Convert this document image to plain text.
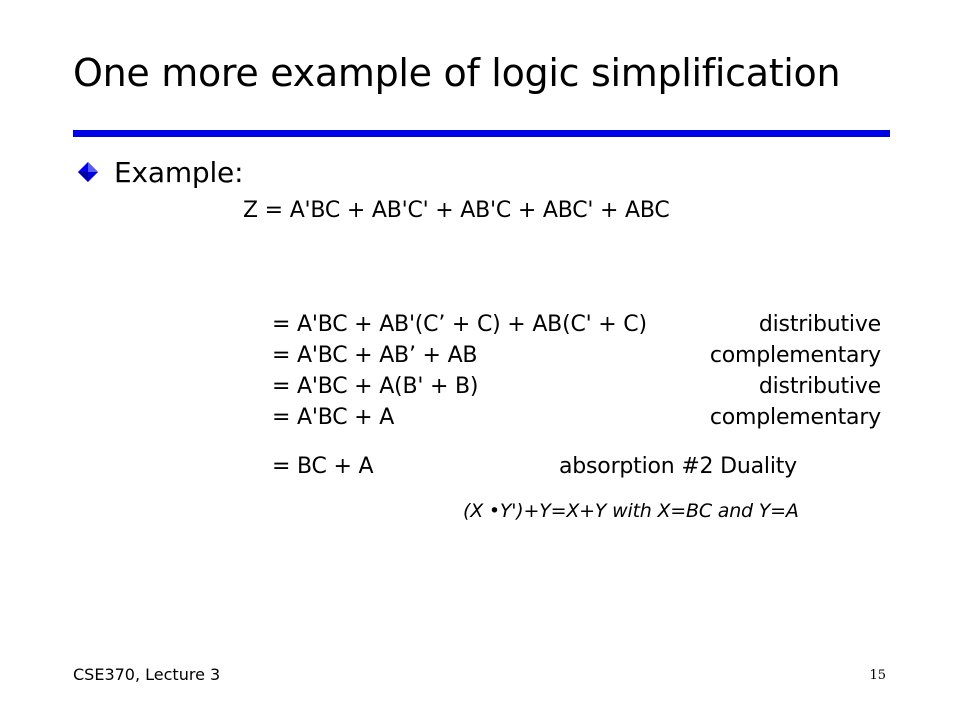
One more example of logic simplification
Example:
Z = A'BC + AB'C' + AB'C + ABC' + ABC
= A'BC + AB'(C’ + C) + AB(C' + C)	distributive
= A'BC + AB’ + AB	complementary
= A'BC + A(B' + B)	distributive
= A'BC + A	complementary
= BC + A	absorption #2 Duality
(X •Y')+Y=X+Y with X=BC and Y=A
CSE370, Lecture 3	15
